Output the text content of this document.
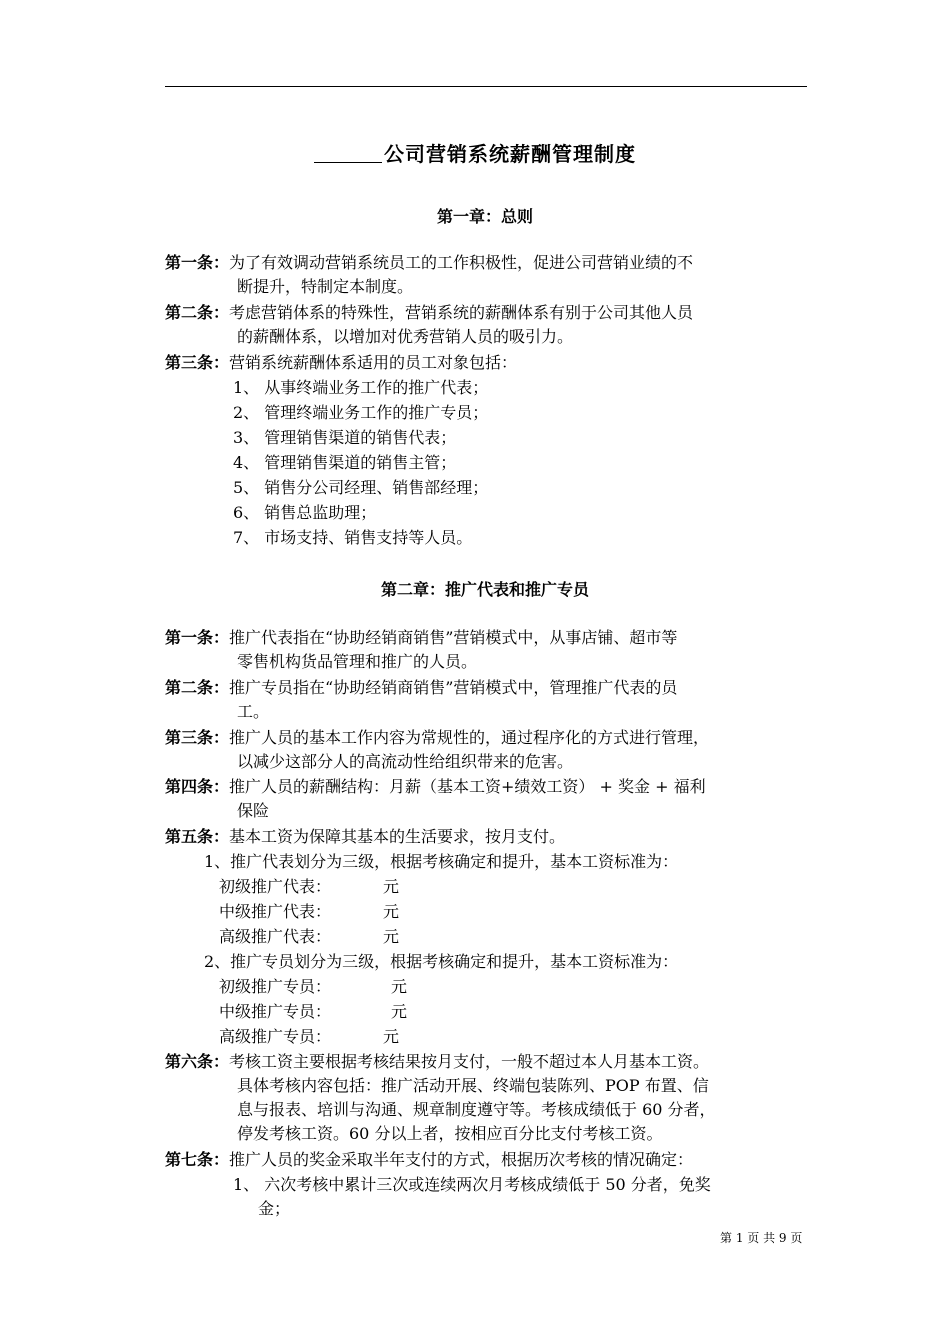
公司营销系统薪酬管理制度
第一章：总则
第一条：为了有效调动营销系统员工的工作积极性，促进公司营销业绩的不
断提升，特制定本制度。
第二条：考虑营销体系的特殊性，营销系统的薪酬体系有别于公司其他人员
的薪酬体系，以增加对优秀营销人员的吸引力。
第三条：营销系统薪酬体系适用的员工对象包括：
1、 从事终端业务工作的推广代表；
2、 管理终端业务工作的推广专员；
3、 管理销售渠道的销售代表；
4、 管理销售渠道的销售主管；
5、 销售分公司经理、销售部经理；
6、 销售总监助理；
7、 市场支持、销售支持等人员。
第二章：推广代表和推广专员
第一条：推广代表指在“协助经销商销售”营销模式中，从事店铺、超市等
零售机构货品管理和推广的人员。
第二条：推广专员指在“协助经销商销售”营销模式中，管理推广代表的员
工。
第三条：推广人员的基本工作内容为常规性的，通过程序化的方式进行管理，
以减少这部分人的高流动性给组织带来的危害。
第四条：推广人员的薪酬结构：月薪（基本工资+绩效工资） + 奖金 + 福利
保险
第五条：基本工资为保障其基本的生活要求，按月支付。
1、推广代表划分为三级，根据考核确定和提升，基本工资标准为：
初级推广代表：	元
中级推广代表：	元
高级推广代表：	元
2、推广专员划分为三级，根据考核确定和提升，基本工资标准为：
初级推广专员：	元
中级推广专员：	元
高级推广专员：	元
第六条：考核工资主要根据考核结果按月支付，一般不超过本人月基本工资。
具体考核内容包括：推广活动开展、终端包装陈列、POP 布置、信
息与报表、培训与沟通、规章制度遵守等。考核成绩低于 60 分者，
停发考核工资。60 分以上者，按相应百分比支付考核工资。
第七条：推广人员的奖金采取半年支付的方式，根据历次考核的情况确定：
1、 六次考核中累计三次或连续两次月考核成绩低于 50 分者，免奖
金；
第 1 页 共 9 页
